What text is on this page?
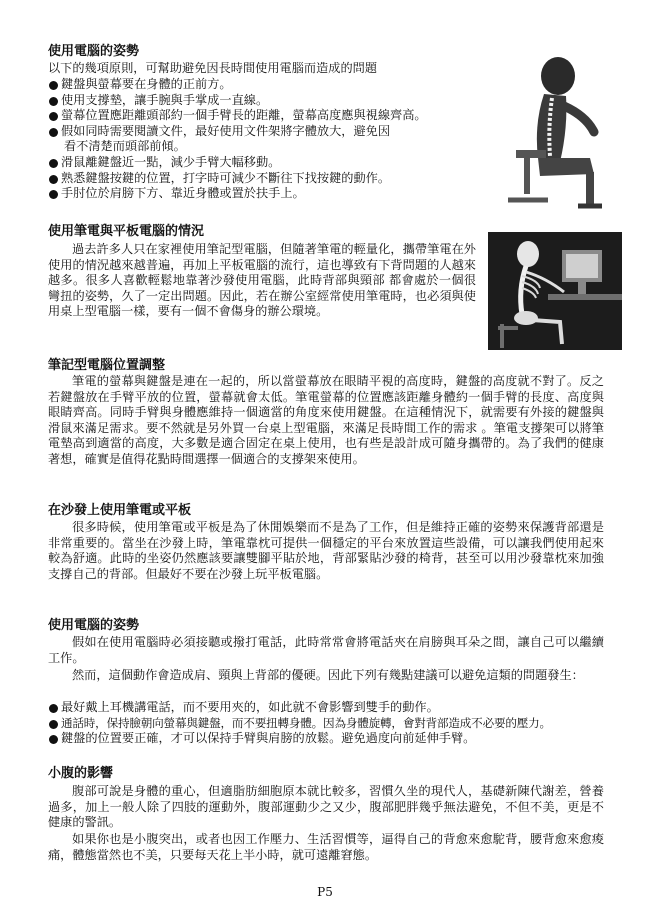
使用電腦的姿勢

以下的幾項原則，可幫助避免因長時間使用電腦而造成的問題

鍵盤與螢幕要在身體的正前方。
使用支撐墊，讓手腕與手掌成一直線。
螢幕位置應距離頭部約一個手臂長的距離，螢幕高度應與視線齊高。
假如同時需要閱讀文件，最好使用文件架將字體放大，避免因
看不清楚而頭部前傾。
滑鼠離鍵盤近一點，減少手臂大幅移動。
熟悉鍵盤按鍵的位置，打字時可減少不斷往下找按鍵的動作。
手肘位於肩膀下方、靠近身體或置於扶手上。
使用筆電與平板電腦的情況

過去許多人只在家裡使用筆記型電腦，但隨著筆電的輕量化，攜帶筆電在外使用的情況越來越普遍，再加上平板電腦的流行，這也導致有下背問題的人越來越多。很多人喜歡輕鬆地靠著沙發使用電腦，此時背部與頸部 都會處於一個很彎扭的姿勢，久了一定出問題。因此，若在辦公室經常使用筆電時，也必須與使用桌上型電腦一樣，要有一個不會傷身的辦公環境。

筆記型電腦位置調整

筆電的螢幕與鍵盤是連在一起的，所以當螢幕放在眼睛平視的高度時，鍵盤的高度就不對了。反之若鍵盤放在手臂平放的位置，螢幕就會太低。筆電螢幕的位置應該距離身體約一個手臂的長度、高度與眼睛齊高。同時手臂與身體應維持一個適當的角度來使用鍵盤。在這種情況下，就需要有外接的鍵盤與滑鼠來滿足需求。要不然就是另外買一台桌上型電腦，來滿足長時間工作的需求 。筆電支撐架可以將筆電墊高到適當的高度，大多數是適合固定在桌上使用，也有些是設計成可隨身攜帶的。為了我們的健康著想，確實是值得花點時間選擇一個適合的支撐架來使用。

在沙發上使用筆電或平板

很多時候，使用筆電或平板是為了休閒娛樂而不是為了工作，但是維持正確的姿勢來保護背部還是非常重要的。當坐在沙發上時，筆電靠枕可提供一個穩定的平台來放置這些設備，可以讓我們使用起來較為舒適。此時的坐姿仍然應該要讓雙腳平貼於地，背部緊貼沙發的椅背，甚至可以用沙發靠枕來加強支撐自己的背部。但最好不要在沙發上玩平板電腦。

使用電腦的姿勢

假如在使用電腦時必須接聽或撥打電話，此時常常會將電話夾在肩膀與耳朵之間，讓自己可以繼續工作。

然而，這個動作會造成肩、頸與上背部的優硬。因此下列有幾點建議可以避免這類的問題發生：

最好戴上耳機講電話，而不要用夾的，如此就不會影響到雙手的動作。
通話時，保持臉朝向螢幕與鍵盤，而不要扭轉身體。因為身體旋轉，會對背部造成不必要的壓力。
鍵盤的位置要正確，才可以保持手臂與肩膀的放鬆。避免過度向前延伸手臂。
小腹的影響

腹部可說是身體的重心，但適脂肪細胞原本就比較多，習慣久坐的現代人，基礎新陳代謝差，營養過多，加上一般人除了四肢的運動外，腹部運動少之又少，腹部肥胖幾乎無法避免，不但不美，更是不健康的警訊。

如果你也是小腹突出，或者也因工作壓力、生活習慣等，逼得自己的背愈來愈駝背，腰背愈來愈痠痛，體態當然也不美，只要每天花上半小時，就可遠離窘態。

P5
